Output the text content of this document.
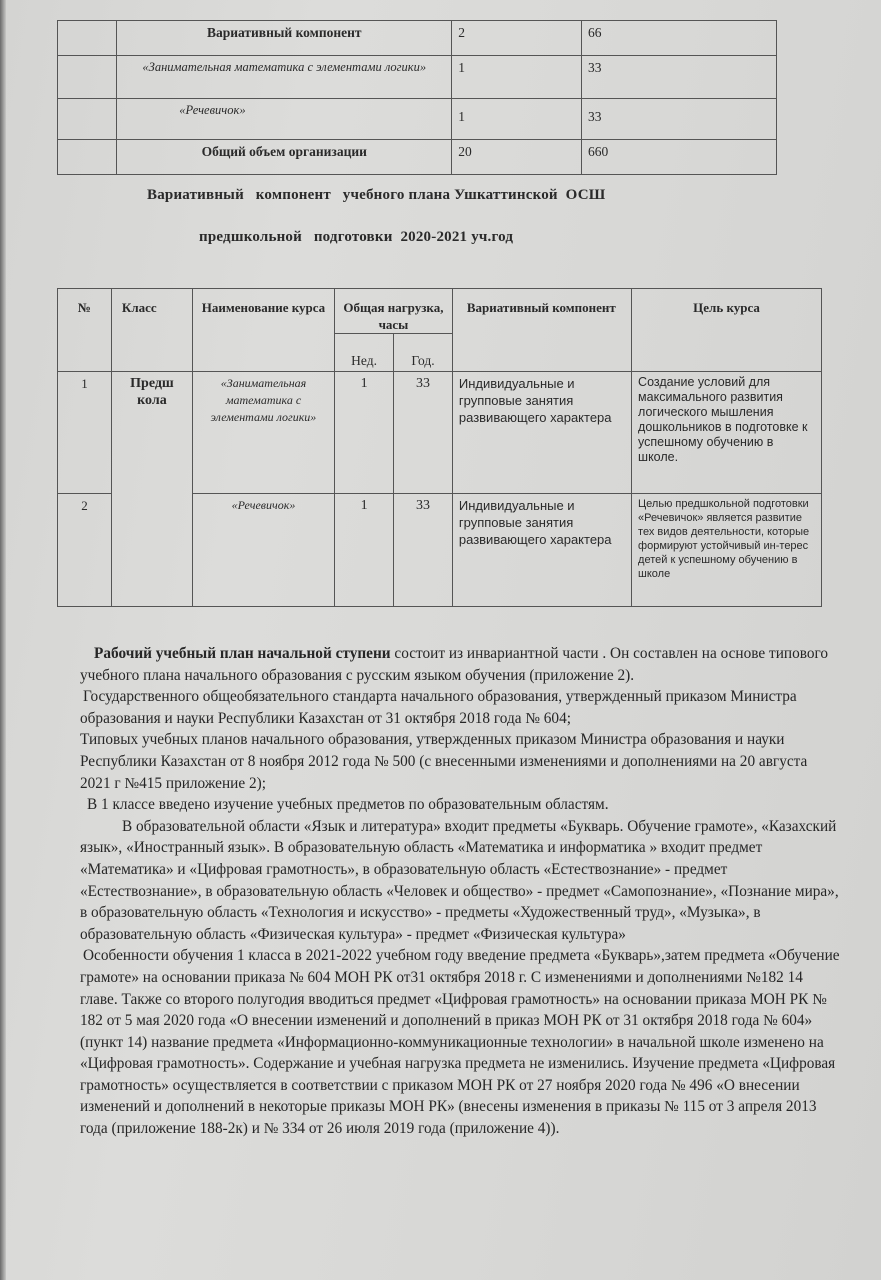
	Вариативный компонент	2	66
	«Занимательная математика с элементами логики»	1	33
	«Речевичок»	1	33
	Общий объем организации	20	660
Вариативный   компонент   учебного плана Ушкаттинской  ОСШ
предшкольной   подготовки  2020-2021 уч.год
№	Класс	Наименование курса	Общая нагрузка, часы		Вариативный компонент	Цель курса
			Нед.	Год.		
1	Предш кола	«Занимательная математика с элементами логики»	1	33	Индивидуальные и групповые занятия развивающего характера	Создание условий для максимального развития логического мышления дошкольников в подготовке к успешному обучению в школе.
2		«Речевичок»	1	33	Индивидуальные и групповые занятия развивающего характера	Целью предшкольной подготовки «Речевичок» является развитие тех видов деятельности, которые формируют устойчивый ин-терес детей к успешному обучению в школе

Рабочий учебный план начальной ступени состоит из инвариантной части . Он составлен на основе типового учебного плана начального образования с русским языком обучения (приложение 2).

Государственного общеобязательного стандарта начального образования, утвержденный приказом Министра образования и науки Республики Казахстан от 31 октября 2018 года № 604;

Типовых учебных планов начального образования, утвержденных приказом Министра образования и науки Республики Казахстан от 8 ноября 2012 года № 500 (с внесенными изменениями и дополнениями на 20 августа 2021 г №415 приложение 2);

В 1 классе введено изучение учебных предметов по образовательным областям.

В образовательной области «Язык и литература» входит предметы «Букварь. Обучение грамоте», «Казахский язык», «Иностранный язык». В образовательную область «Математика и информатика » входит предмет «Математика» и «Цифровая грамотность», в образовательную область «Естествознание» - предмет «Естествознание», в образовательную область «Человек и общество» - предмет «Самопознание», «Познание мира», в образовательную область «Технология и искусство» - предметы «Художественный труд», «Музыка», в образовательную область «Физическая культура» - предмет «Физическая культура»

Особенности обучения 1 класса в 2021-2022 учебном году введение предмета «Букварь»,затем предмета «Обучение грамоте» на основании приказа № 604 МОН РК от31 октября 2018 г. С изменениями и дополнениями №182 14 главе. Также со второго полугодия вводиться предмет «Цифровая грамотность» на основании приказа МОН РК № 182 от 5 мая 2020 года «О внесении изменений и дополнений в приказ МОН РК от 31 октября 2018 года № 604» (пункт 14) название предмета «Информационно-коммуникационные технологии» в начальной школе изменено на «Цифровая грамотность». Содержание и учебная нагрузка предмета не изменились. Изучение предмета «Цифровая грамотность» осуществляется в соответствии с приказом МОН РК от 27 ноября 2020 года № 496 «О внесении изменений и дополнений в некоторые приказы МОН РК» (внесены изменения в приказы № 115 от 3 апреля 2013 года (приложение 188-2к) и № 334 от 26 июля 2019 года (приложение 4)).
